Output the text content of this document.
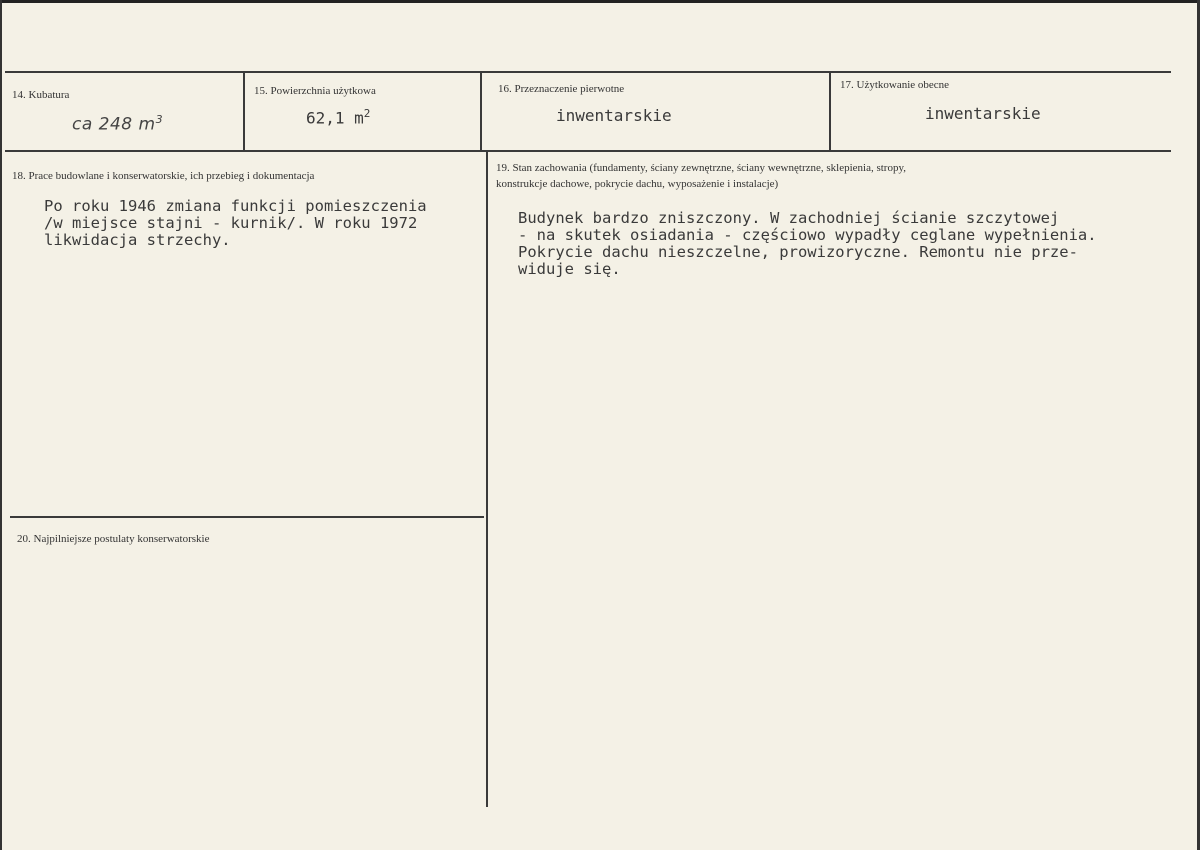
14. Kubatura
ca 248 $m^3$
15. Powierzchnia użytkowa
62,1 $m^2$
16. Przeznaczenie pierwotne
inwentarskie
17. Użytkowanie obecne
inwentarskie
18. Prace budowlane i konserwatorskie, ich przebieg i dokumentacja
Po roku 1946 zmiana funkcji pomieszczenia
/w miejsce stajni - kurnik/. W roku 1972
likwidacja strzechy.
19. Stan zachowania (fundamenty, ściany zewnętrzne, ściany wewnętrzne, sklepienia, stropy,
konstrukcje dachowe, pokrycie dachu, wyposażenie i instalacje)
Budynek bardzo zniszczony. W zachodniej ścianie szczytowej
- na skutek osiadania - częściowo wypadły ceglane wypełnienia.
Pokrycie dachu nieszczelne, prowizoryczne. Remontu nie prze-
widuje się.
20. Najpilniejsze postulaty konserwatorskie
